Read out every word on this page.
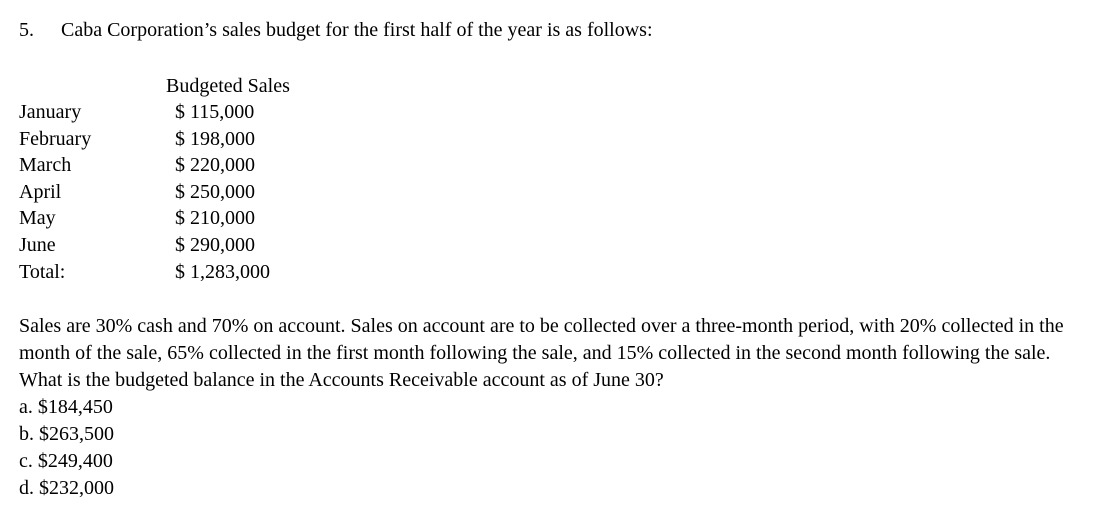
5. Caba Corporation’s sales budget for the first half of the year is as follows:
Budgeted Sales
January	$ 115,000
February	$ 198,000
March	$ 220,000
April	$ 250,000
May	$ 210,000
June	$ 290,000
Total:	$ 1,283,000

Sales are 30% cash and 70% on account. Sales on account are to be collected over a three-month period, with 20% collected in the month of the sale, 65% collected in the first month following the sale, and 15% collected in the second month following the sale. What is the budgeted balance in the Accounts Receivable account as of June 30?

a. $184,450
b. $263,500
c. $249,400
d. $232,000
